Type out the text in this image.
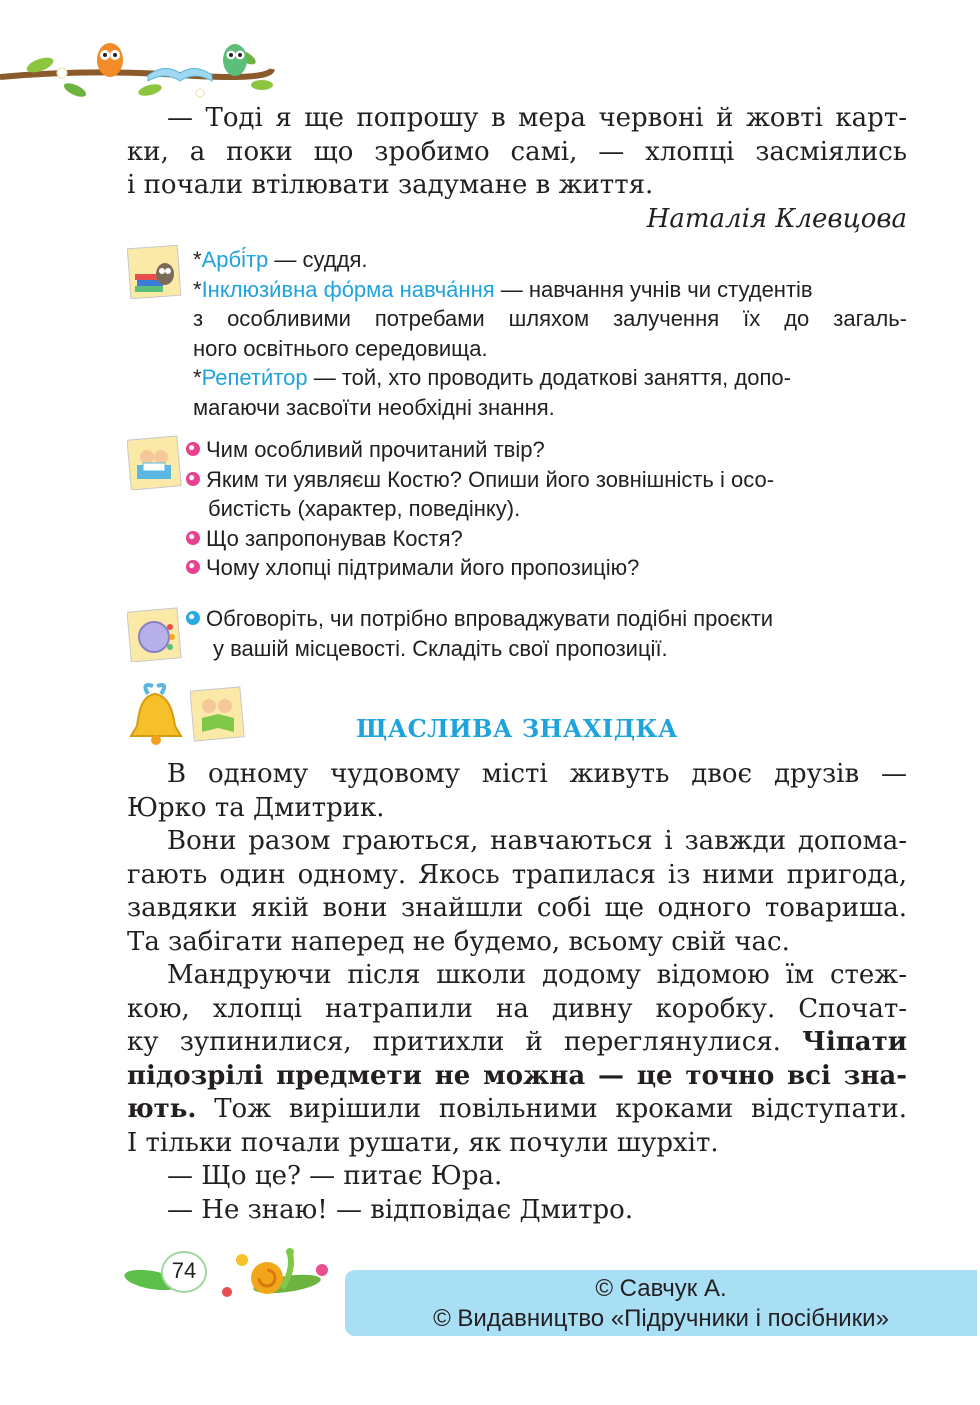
— Тоді я ще попрошу в мера червоні й жовті карт-
ки, а поки що зробимо самі, — хлопці засміялись
і почали втілювати задумане в життя.
Наталія Клевцова
*Арбі́тр — суддя.
*Інклюзи́вна фо́рма навча́ння — навчання учнів чи студентів
з особливими потребами шляхом залучення їх до загаль-
ного освітнього середовища.
*Репети́тор — той, хто проводить додаткові заняття, допо-
магаючи засвоїти необхідні знання.
Чим особливий прочитаний твір?
Яким ти уявляєш Костю? Опиши його зовнішність і осо-
бистість (характер, поведінку).
Що запропонував Костя?
Чому хлопці підтримали його пропозицію?
Обговоріть, чи потрібно впроваджувати подібні проєкти
у вашій місцевості. Складіть свої пропозиції.
ЩАСЛИВА ЗНАХІДКА
В одному чудовому місті живуть двоє друзів —
Юрко та Дмитрик.
Вони разом граються, навчаються і завжди допома-
гають один одному. Якось трапилася із ними пригода,
завдяки якій вони знайшли собі ще одного товариша.
Та забігати наперед не будемо, всьому свій час.
Мандруючи після школи додому відомою їм стеж-
кою, хлопці натрапили на дивну коробку. Спочат-
ку зупинилися, притихли й переглянулися. Чіпати
підозрілі предмети не можна — це точно всі зна-
ють. Тож вирішили повільними кроками відступати.
І тільки почали рушати, як почули шурхіт.
— Що це? — питає Юра.
— Не знаю! — відповідає Дмитро.
74
© Савчук А.
© Видавництво «Підручники і посібники»
